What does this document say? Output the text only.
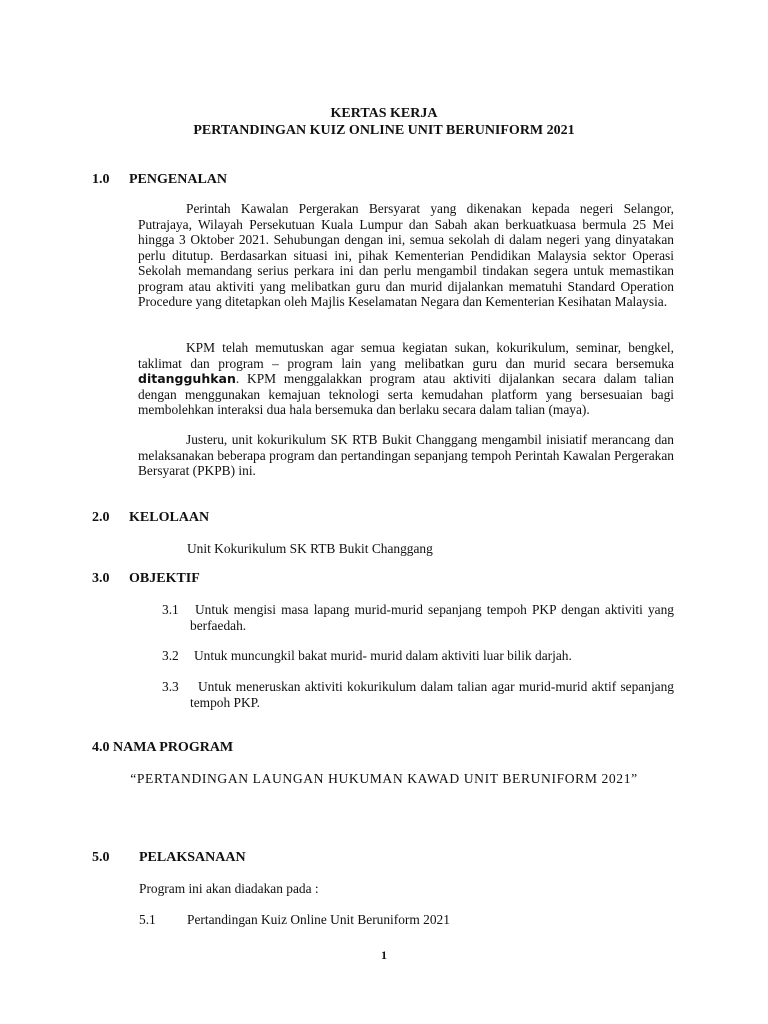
KERTAS KERJA
PERTANDINGAN KUIZ ONLINE UNIT BERUNIFORM 2021
1.0 PENGENALAN

Perintah Kawalan Pergerakan Bersyarat yang dikenakan kepada negeri Selangor, Putrajaya, Wilayah Persekutuan Kuala Lumpur dan Sabah akan berkuatkuasa bermula 25 Mei hingga 3 Oktober 2021. Sehubungan dengan ini, semua sekolah di dalam negeri yang dinyatakan perlu ditutup. Berdasarkan situasi ini, pihak Kementerian Pendidikan Malaysia sektor Operasi Sekolah memandang serius perkara ini dan perlu mengambil tindakan segera untuk memastikan program atau aktiviti yang melibatkan guru dan murid dijalankan mematuhi Standard Operation Procedure yang ditetapkan oleh Majlis Keselamatan Negara dan Kementerian Kesihatan Malaysia.

KPM telah memutuskan agar semua kegiatan sukan, kokurikulum, seminar, bengkel, taklimat dan program – program lain yang melibatkan guru dan murid secara bersemuka ditangguhkan. KPM menggalakkan program atau aktiviti dijalankan secara dalam talian dengan menggunakan kemajuan teknologi serta kemudahan platform yang bersesuaian bagi membolehkan interaksi dua hala bersemuka dan berlaku secara dalam talian (maya).

Justeru, unit kokurikulum SK RTB Bukit Changgang mengambil inisiatif merancang dan melaksanakan beberapa program dan pertandingan sepanjang tempoh Perintah Kawalan Pergerakan Bersyarat (PKPB) ini.

2.0 KELOLAAN
Unit Kokurikulum SK RTB Bukit Changgang
3.0 OBJEKTIF
3.1	Untuk mengisi masa lapang murid-murid sepanjang tempoh PKP dengan aktiviti yang berfaedah.

3.2 Untuk muncungkil bakat murid- murid dalam aktiviti luar bilik darjah.
3.3	Untuk meneruskan aktiviti kokurikulum dalam talian agar murid-murid aktif sepanjang tempoh PKP.

4.0 NAMA PROGRAM
“PERTANDINGAN LAUNGAN HUKUMAN KAWAD UNIT BERUNIFORM 2021”
5.0 PELAKSANAAN
Program ini akan diadakan pada :
5.1 Pertandingan Kuiz Online Unit Beruniform 2021
1
